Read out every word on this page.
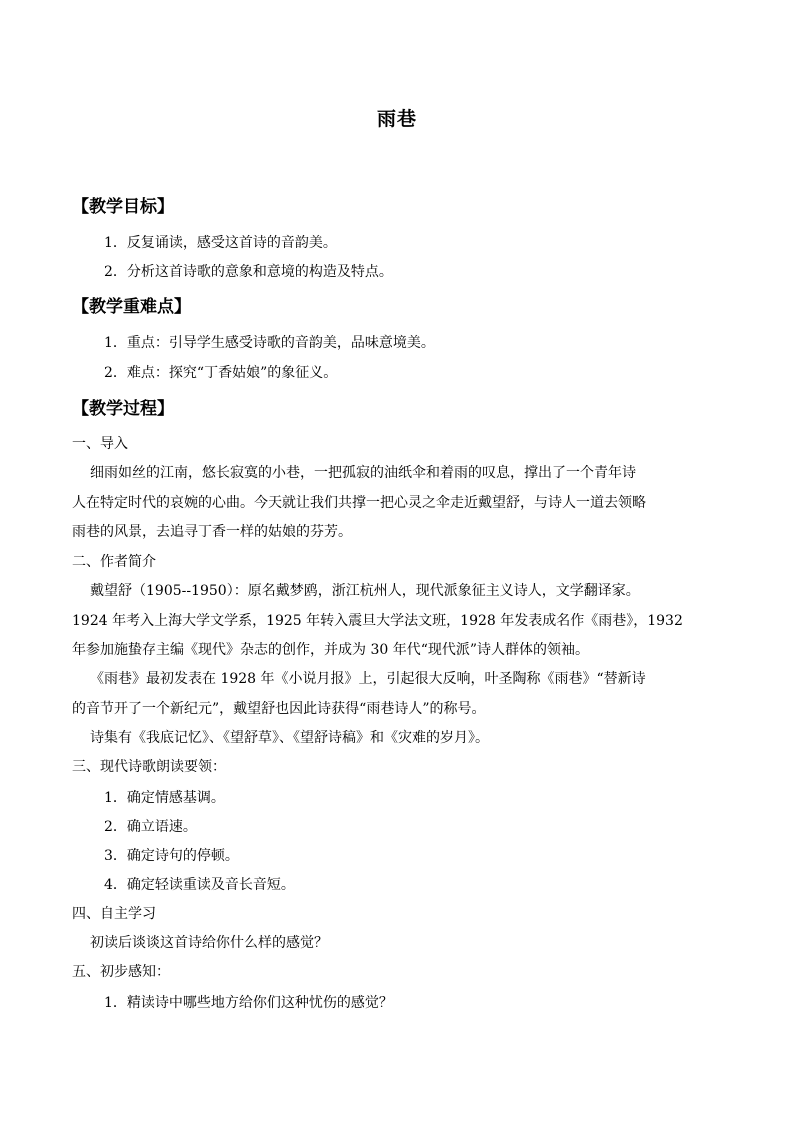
雨巷
【教学目标】
1．反复诵读，感受这首诗的音韵美。
2．分析这首诗歌的意象和意境的构造及特点。
【教学重难点】
1．重点：引导学生感受诗歌的音韵美，品味意境美。
2．难点：探究“丁香姑娘”的象征义。
【教学过程】
一、导入
细雨如丝的江南，悠长寂寞的小巷，一把孤寂的油纸伞和着雨的叹息，撑出了一个青年诗
人在特定时代的哀婉的心曲。今天就让我们共撑一把心灵之伞走近戴望舒，与诗人一道去领略
雨巷的风景，去追寻丁香一样的姑娘的芬芳。
二、作者简介
戴望舒（1905--1950）：原名戴梦鸥，浙江杭州人，现代派象征主义诗人，文学翻译家。
1924 年考入上海大学文学系，1925 年转入震旦大学法文班，1928 年发表成名作《雨巷》，1932
年参加施蛰存主编《现代》杂志的创作，并成为 30 年代“现代派”诗人群体的领袖。
《雨巷》最初发表在 1928 年《小说月报》上，引起很大反响，叶圣陶称《雨巷》“替新诗
的音节开了一个新纪元”，戴望舒也因此诗获得“雨巷诗人”的称号。
诗集有《我底记忆》、《望舒草》、《望舒诗稿》和《灾难的岁月》。
三、现代诗歌朗读要领：
1．确定情感基调。
2．确立语速。
3．确定诗句的停顿。
4．确定轻读重读及音长音短。
四、自主学习
初读后谈谈这首诗给你什么样的感觉？
五、初步感知：
1．精读诗中哪些地方给你们这种忧伤的感觉？
